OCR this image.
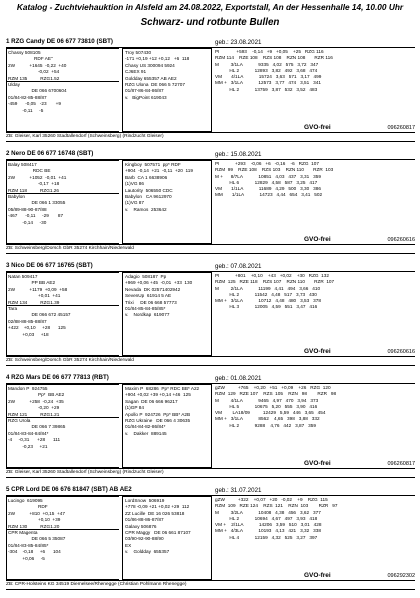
Katalog - Zuchtviehauktion in Alsfeld am 24.08.2022, Exportstall, An der Hessenhalle 14, 10.00 Uhr
Schwarz- und rotbunte Bullen
1 RZG Candy DE 06 677 73810 (SBT)	geb.: 23.08.2021
Chassy 508105
RDF AE"
2W           +1645  -0,22  +40
-0,02  +54
RZM 135          RZG1.52
Ulday
DE 066 6700604
01/84-82-85-88/87
-459      -0,05   -23       +9
-0,11     -5
Troy 507430
-171 +0,19 +12 +0,12   +6  118
Chasy US 300094 5924
CJ6EX 91
Goldday 655357 AB AE2
RZG Ulona  DE 066 5 72707
01/87-86-84-86/87
v.   BigPoint 619043
PI             +593    -0,14   +9   +0,05    +25   RZG 116
RZM 114    RZE 108    RZS 108    RZN 108       RZR 116
M         3/1LA            9335   4,02   575   3,72   347
HL 2            12893   3,82   492   3,68   474
VM       4/1LA            15724   3,63   571   3,17   499
MM +   3/1LA            12573   3,77   474   3,51   341
HL 2            13759   3,87   532   3,52   483
ZB: Gleiser, Karl 35260 Stadtallendorf (Schweinsberg) (Rindzucht Gleiser)
GVO-frei	096260817
2 Nero DE 06 677 16748 (SBT)	geb.: 15.08.2021
Balay 508417
RDC BE
2W           +1052  -0,01  +41
-0,17  +18
RZM 118          RZG1.26
Babylon
DE 066 1 33055
05/89-88-90-87/88
-467      -0,11     -29       87
-0,14     -30
Kingboy  507571  pp* RDF
+904  -0,14  +21  -0,11  +20  119
Barb  CA 1 6638906
(1)VG 86
Lautority  506550 CDC
Babylon   CA 9612970
(1)VG 87
v.    Ramos  253642
PI            +293    -0,06   +6   -0,16    -6   RZG  107
RZM  99    RZE 108    RZS 103    RZN 110       RZR  103
M +      8/7LA            10851   4,03   437   3,31   359
HL 6            12829   4,58   587   3,25   417
VM       1/1LA            11689   4,29   500   3,30   386
MM       1/1LA            14723   4,44   654   3,41   502
ZB: Schweinsberg/Dorsch GbR 35274 Kirchhain/Niederwald
GVO-frei	096260616
3 Nico DE 06 677 16765 (SBT)	geb.: 07.08.2021
Natan 509417
PP BB AE2
2W           +1179  +0,09  +58
+0,01  +41
RZM 134          RZG1.39
Tara
DE 066 672 45157
02/88-88-85-88/87
+422    +0,10     +28      125
+0,03     +18
Adagio  508187  Pp
+969 +0,06 +45  -0,01  +33  130
Nevada  DK 02571402942
SevenUp  61914 5 AE
Trixi     DE 06 668 57773
01/84-85-84-85/85*
v.    Nordkap  619077
PI            +801    +0,10    +43   +0,02    +30   RZG  132
RZM  125   RZE 118    RZS 107    RZN 110       RZR  107
M         2/1LA            11199   4,41   494   3,66   410
HL 2            11542   4,48   517   3,73   430
MM +   3/1LA            10712   4,48   480   3,53   378
HL 3            12005   4,59   551   3,47   416
ZB: Schweinsberg/Dorsch GbR 35274 Kirchhain/Niederwald
GVO-frei	096260616
4 RZG Mars DE 06 677 77813 (RBT)	geb.: 01.08.2021
Mandon P  924755
Pp*  BB AE2
2W           +258  -0,24  +35
-0,20  +29
RZM 121          RZG1.21
RZG Urola
DE 066 7 39865
01/84-83-84-84/84*
-4     -0,31      +28      111
-0,23     +21
Maxim P  68286  Pp* RDC BB* A22
+904 +0,02 +39 +0,14 +46  125
Sagan  DE 06 666 96217
(1)GP 84
Apollo P  924726  Pp* BB* A2B
RZG Ukraine   DE 066 4 30635
01/84-84-82-86/84*
v.    Dakker  889145
gZW          +765    +0,20   +51   +0,09    +26   RZG  120
RZM  129   RZE 107    RZS  105    RZN   98        RZR   98
M         4/1LA            9465   4,97   470   3,94   373
HL 5            10675   5,20   555   3,90   416
VM        LA18/09          12429   5,59   446   3,65   454
MM +   3/1LA            8562    4,65   398   3,88   332
HL 2            9288    4,76   442   3,87   359
ZB: Gleiser, Karl 35260 Stadtallendorf (Schweinsberg) (Rindzucht Gleiser)
GVO-frei	096260817
5 CPR Lord DE 06 676 81847 (SBT) AB AE2	geb.: 31.07.2021
Lucingo  619095
RDF
2W           +810  +0,15  +47
+0,10  +39
RZM 130          RZG1.20
CPR Magenta
DE 066 5 35087
01/84-83-85-84/85*
-304    -0,18     +6      104
+0,06     -5
LordSnow  506919
+778 -0,09 +21 +0,02 +29  112
ZZ Lucille  DE 16 026 53818
01/86-88-86-87/87
Galaxy 506876
CPR Maggy   DE 06 661 87107
03/90-92-90-88/90
EX
v.    Goldday  655357
gZW          +322    +0,07   +20   -0,02    +9    RZG  115
RZM  109   RZE 124    RZS  121    RZN  103        RZR   97
M         3/2LA            10408   4,38   456   3,62   377
HL 2            10694   4,67   497   3,93   418
VM +    2/1LA            14206   3,59   510   3,01   428
MM +   4/3LA            10193   4,13   421   3,32   338
HL 4            12159   4,32   525   3,27   397
ZB: CPR-Holsteins KG 34519 Diemelsee/Rhenegge (Christian Pohlmann Rhenegge)
GVO-frei	096292302
